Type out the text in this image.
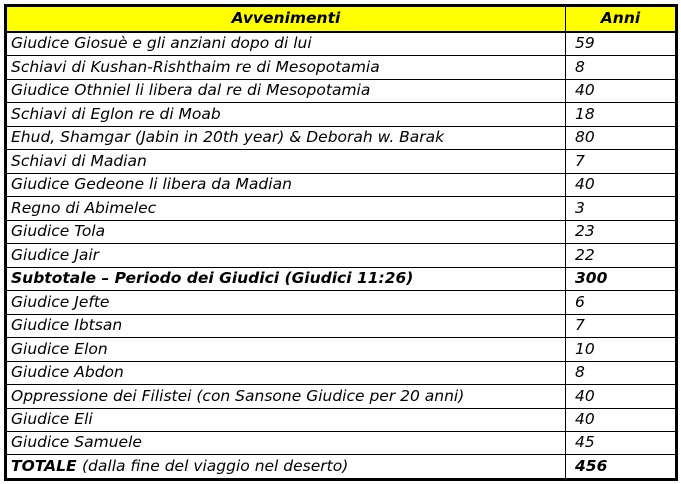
Avvenimenti	Anni
Giudice Giosuè e gli anziani dopo di lui	59
Schiavi di Kushan-Rishthaim re di Mesopotamia	8
Giudice Othniel li libera dal re di Mesopotamia	40
Schiavi di Eglon re di Moab	18
Ehud, Shamgar (Jabin in 20th year) & Deborah w. Barak	80
Schiavi di Madian	7
Giudice Gedeone li libera da Madian	40
Regno di Abimelec	3
Giudice Tola	23
Giudice Jair	22
Subtotale – Periodo dei Giudici (Giudici 11:26)	300
Giudice Jefte	6
Giudice Ibtsan	7
Giudice Elon	10
Giudice Abdon	8
Oppressione dei Filistei (con Sansone Giudice per 20 anni)	40
Giudice Eli	40
Giudice Samuele	45
TOTALE (dalla fine del viaggio nel deserto)	456
